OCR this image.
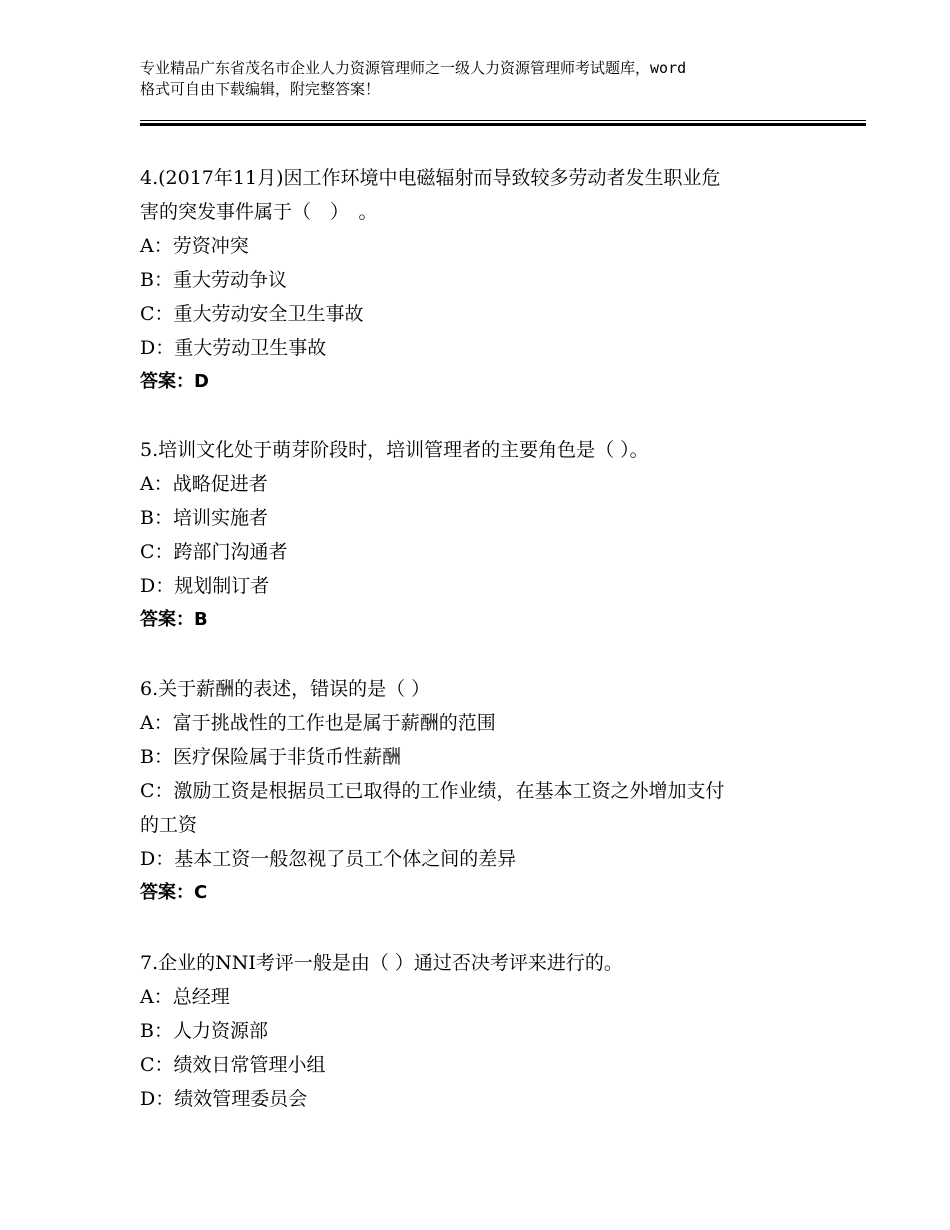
专业精品广东省茂名市企业人力资源管理师之一级人力资源管理师考试题库，word
格式可自由下载编辑，附完整答案！
4.(2017年11月)因工作环境中电磁辐射而导致较多劳动者发生职业危
害的突发事件属于（　）　。
A：劳资冲突
B：重大劳动争议
C：重大劳动安全卫生事故
D：重大劳动卫生事故
答案：D
5.培训文化处于萌芽阶段时，培训管理者的主要角色是（ ）。
A：战略促进者
B：培训实施者
C：跨部门沟通者
D：规划制订者
答案：B
6.关于薪酬的表述，错误的是（ ）
A：富于挑战性的工作也是属于薪酬的范围
B：医疗保险属于非货币性薪酬
C：激励工资是根据员工已取得的工作业绩，在基本工资之外增加支付
的工资
D：基本工资一般忽视了员工个体之间的差异
答案：C
7.企业的NNI考评一般是由（ ）通过否决考评来进行的。
A：总经理
B：人力资源部
C：绩效日常管理小组
D：绩效管理委员会
